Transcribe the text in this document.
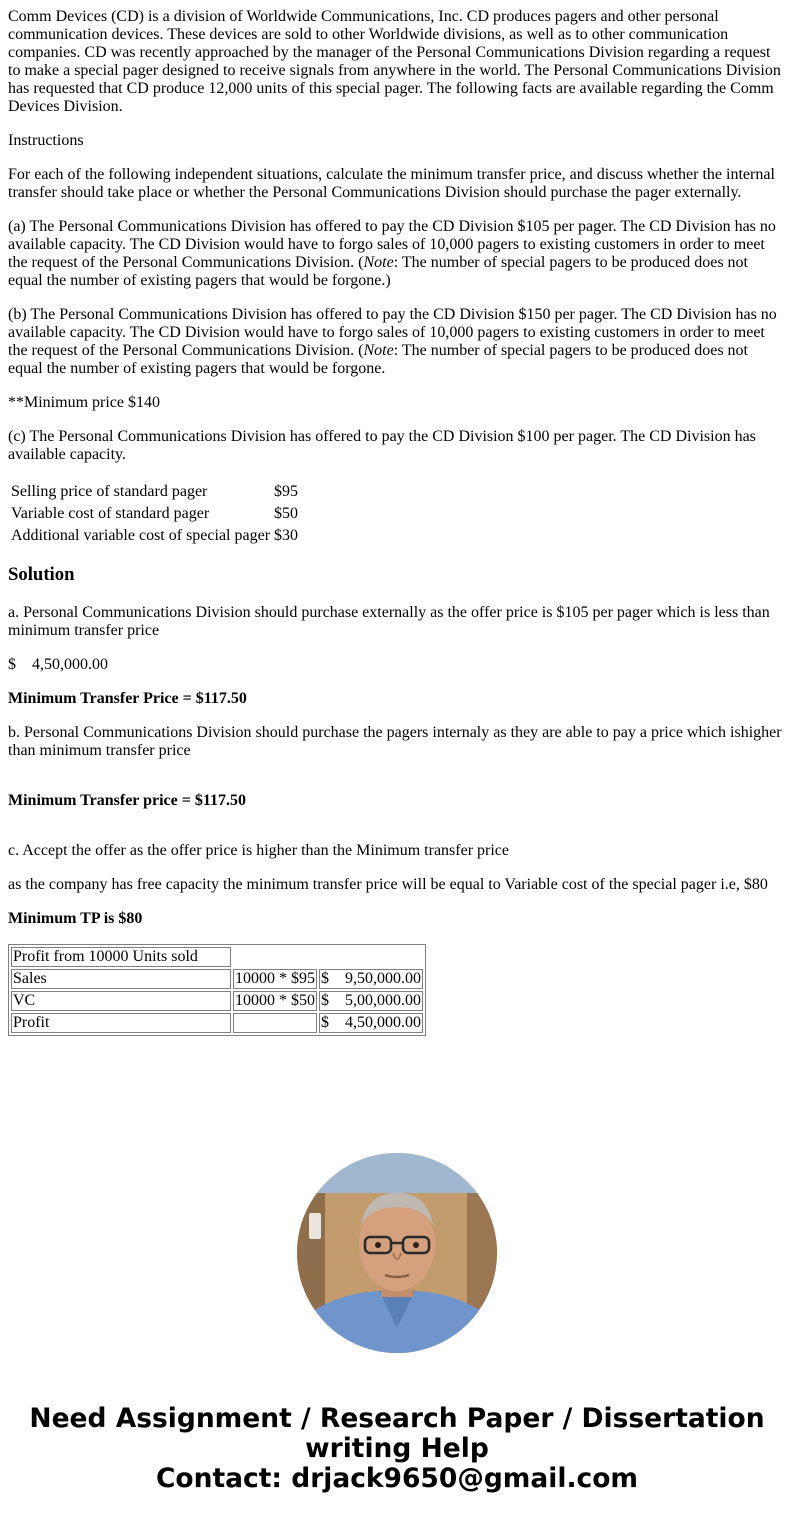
Comm Devices (CD) is a division of Worldwide Communications, Inc. CD produces pagers and other personal communication devices. These devices are sold to other Worldwide divisions, as well as to other communication companies. CD was recently approached by the manager of the Personal Communications Division regarding a request to make a special pager designed to receive signals from anywhere in the world. The Personal Communications Division has requested that CD produce 12,000 units of this special pager. The following facts are available regarding the Comm Devices Division.

Instructions

For each of the following independent situations, calculate the minimum transfer price, and discuss whether the internal transfer should take place or whether the Personal Communications Division should purchase the pager externally.

(a) The Personal Communications Division has offered to pay the CD Division $105 per pager. The CD Division has no available capacity. The CD Division would have to forgo sales of 10,000 pagers to existing customers in order to meet the request of the Personal Communications Division. (Note: The number of special pagers to be produced does not equal the number of existing pagers that would be forgone.)

(b) The Personal Communications Division has offered to pay the CD Division $150 per pager. The CD Division has no available capacity. The CD Division would have to forgo sales of 10,000 pagers to existing customers in order to meet the request of the Personal Communications Division. (Note: The number of special pagers to be produced does not equal the number of existing pagers that would be forgone.

**Minimum price $140

(c) The Personal Communications Division has offered to pay the CD Division $100 per pager. The CD Division has available capacity.

Selling price of standard pager	$95
Variable cost of standard pager	$50
Additional variable cost of special pager	$30
Solution

a. Personal Communications Division should purchase externally as the offer price is $105 per pager which is less than minimum transfer price

$    4,50,000.00

Minimum Transfer Price = $117.50

b. Personal Communications Division should purchase the pagers internaly as they are able to pay a price which ishigher than minimum transfer price

Minimum Transfer price = $117.50

c. Accept the offer as the offer price is higher than the Minimum transfer price

as the company has free capacity the minimum transfer price will be equal to Variable cost of the special pager i.e, $80

Minimum TP is $80

Profit from 10000 Units sold		
Sales	10000 * $95	$    9,50,000.00
VC	10000 * $50	$    5,00,000.00
Profit		$    4,50,000.00
Need Assignment / Research Paper / Dissertation
writing Help
Contact: drjack9650@gmail.com
